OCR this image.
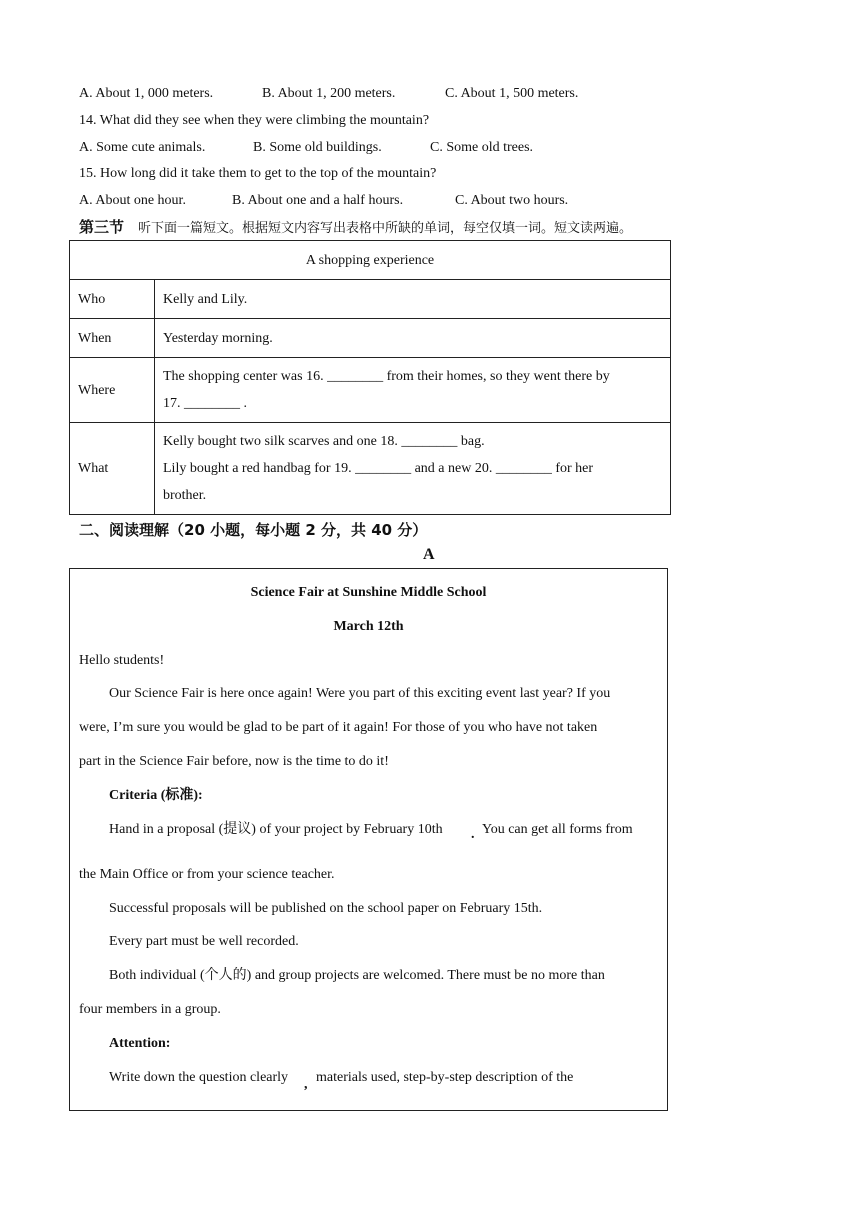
A. About 1, 000 meters.	B. About 1, 200 meters.	C. About 1, 500 meters.
14. What did they see when they were climbing the mountain?
A. Some cute animals.	B. Some old buildings.	C. Some old trees.
15. How long did it take them to get to the top of the mountain?
A. About one hour.	B. About one and a half hours.	C. About two hours.
第三节 听下面一篇短文。根据短文内容写出表格中所缺的单词，每空仅填一词。短文读两遍。
A shopping experience	
Who	Kelly and Lily.
When	Yesterday morning.
Where	The shopping center was 16. ________ from their homes, so they went there by
17. ________ .

What	Kelly bought two silk scarves and one 18. ________ bag.
Lily bought a red handbag for 19. ________ and a new 20. ________ for her
brother.
二、阅读理解（20 小题，每小题 2 分，共 40 分）
A
Science Fair at Sunshine Middle School
March 12th
Hello students!
Our Science Fair is here once again! Were you part of this exciting event last year? If you
were, I’m sure you would be glad to be part of it again! For those of you who have not taken
part in the Science Fair before, now is the time to do it!
Criteria (标准):
Hand in a proposal (提议) of your project by February 10th . You can get all forms from
the Main Office or from your science teacher.
Successful proposals will be published on the school paper on February 15th.
Every part must be well recorded.
Both individual (个人的) and group projects are welcomed. There must be no more than
four members in a group.
Attention:
Write down the question clearly , materials used, step-by-step description of the
